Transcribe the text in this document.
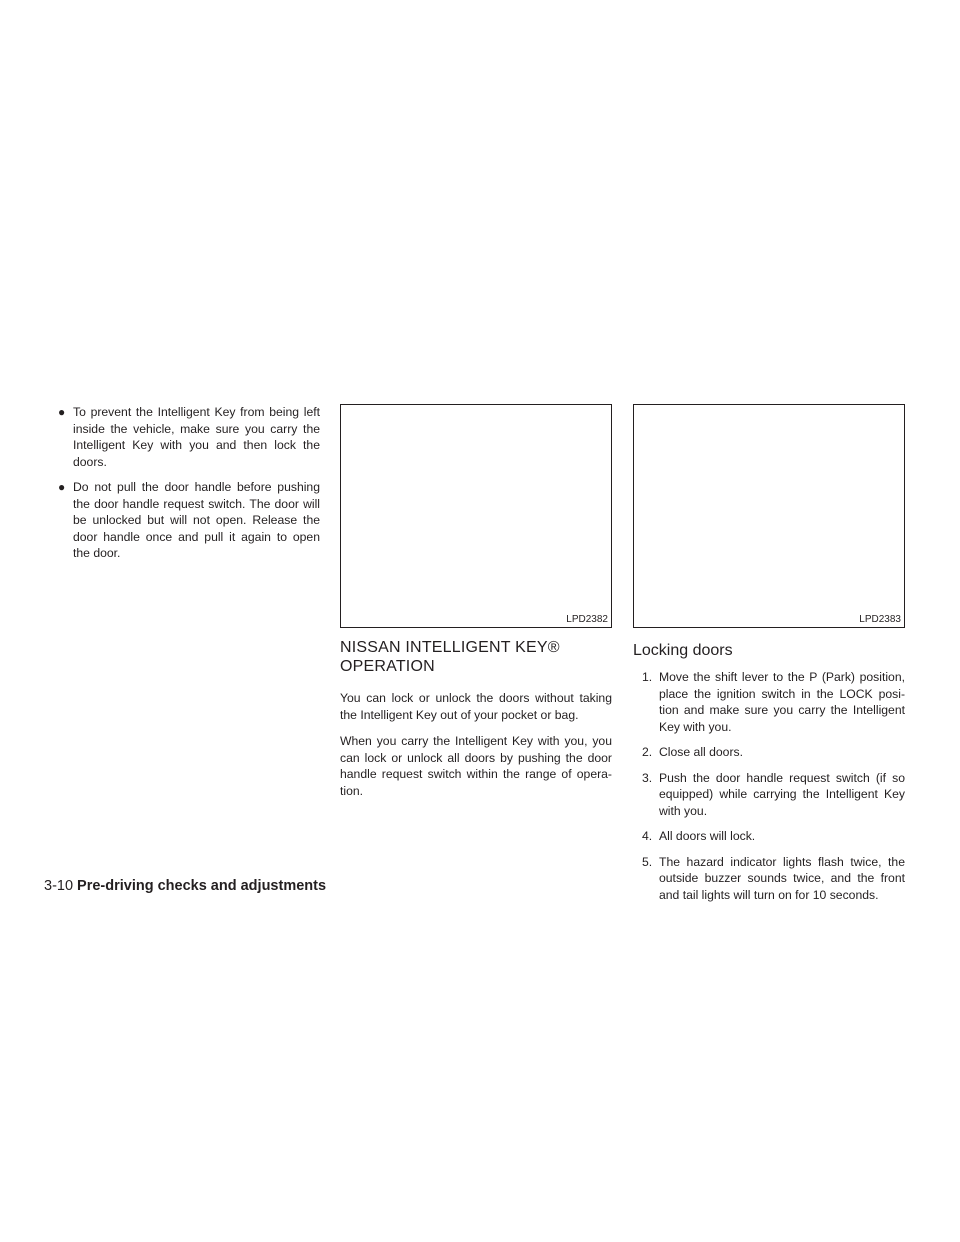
● To prevent the Intelligent Key from being left inside the vehicle, make sure you carry the Intelligent Key with you and then lock the doors.
● Do not pull the door handle before pushing the door handle request switch. The door will be unlocked but will not open. Release the door handle once and pull it again to open the door.
LPD2382
NISSAN INTELLIGENT KEY®
OPERATION

You can lock or unlock the doors without taking the Intelligent Key out of your pocket or bag.

When you carry the Intelligent Key with you, you can lock or unlock all doors by pushing the door handle request switch within the range of opera-tion.

LPD2383
Locking doors
1. Move the shift lever to the P (Park) position, place the ignition switch in the LOCK posi-tion and make sure you carry the Intelligent Key with you.
2. Close all doors.
3. Push the door handle request switch (if so equipped) while carrying the Intelligent Key with you.
4. All doors will lock.
5. The hazard indicator lights flash twice, the outside buzzer sounds twice, and the front and tail lights will turn on for 10 seconds.
3-10 Pre-driving checks and adjustments
